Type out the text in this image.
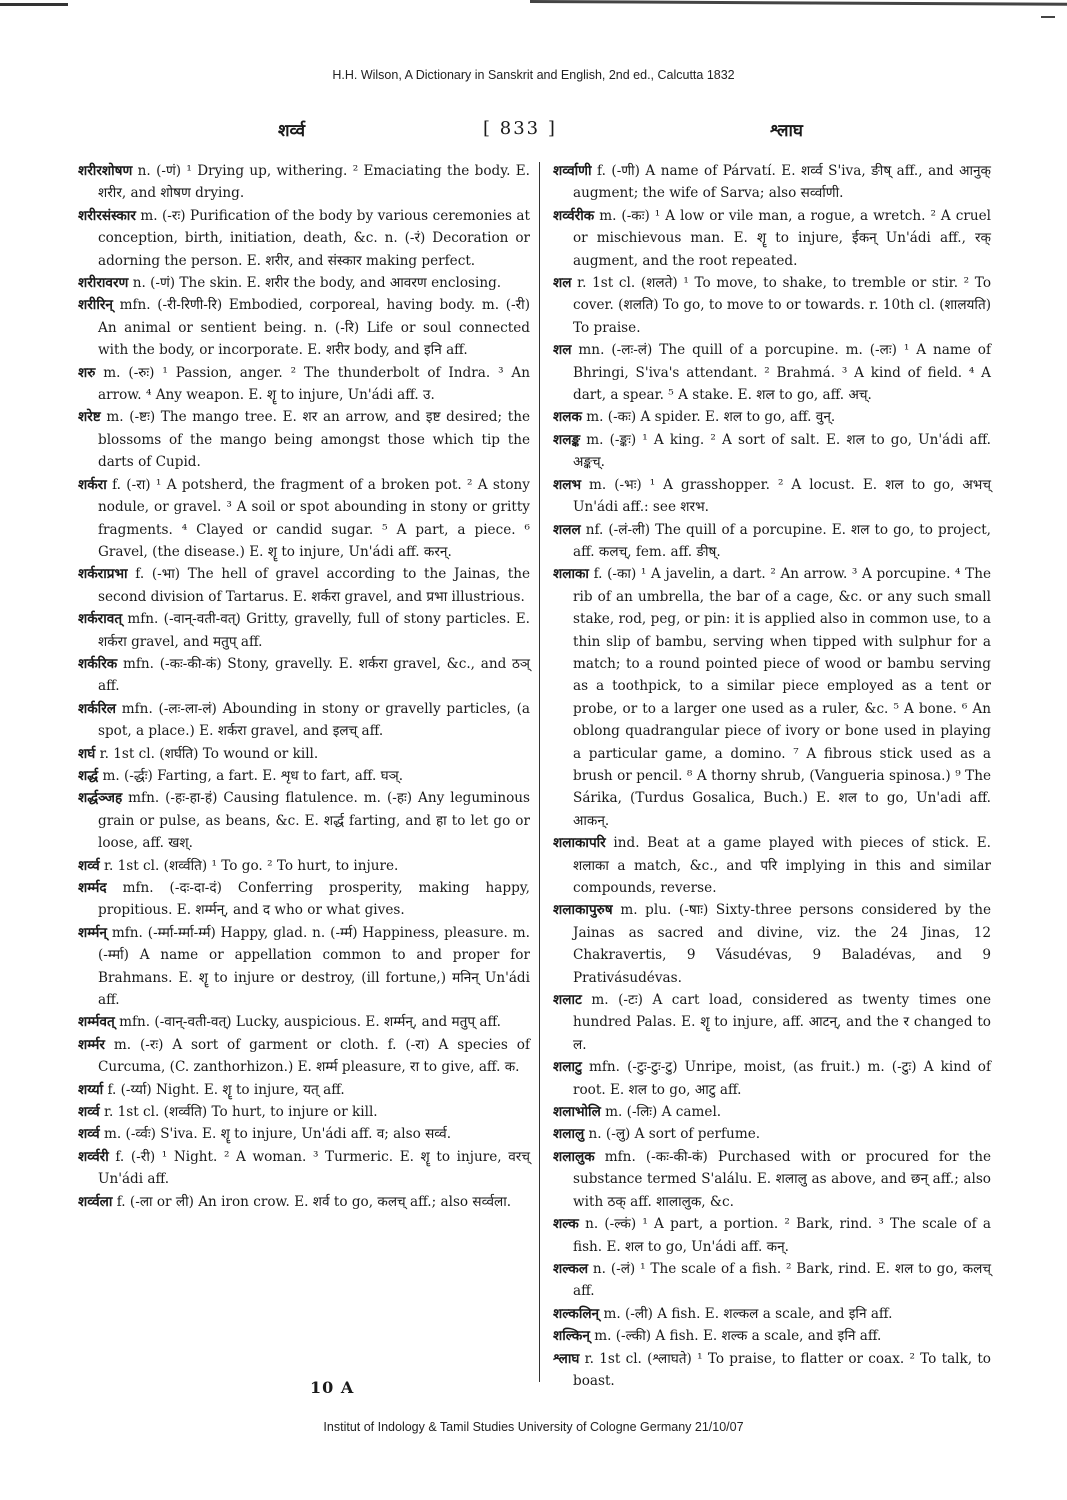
H.H. Wilson, A Dictionary in Sanskrit and English, 2nd ed., Calcutta 1832
शर्व्व	[ 833 ]	श्लाघ

शरीरशोषण n. (-णं) ¹ Drying up, withering. ² Emaciating the body. E. शरीर, and शोषण drying.

शरीरसंस्कार m. (-रः) Purification of the body by various ceremonies at conception, birth, initiation, death, &c. n. (-रं) Decoration or adorning the person. E. शरीर, and संस्कार making perfect.

शरीरावरण n. (-णं) The skin. E. शरीर the body, and आवरण enclosing.

शरीरिन् mfn. (-री-रिणी-रि) Embodied, corporeal, having body. m. (-री) An animal or sentient being. n. (-रि) Life or soul connected with the body, or incorporate. E. शरीर body, and इनि aff.

शरु m. (-रुः) ¹ Passion, anger. ² The thunderbolt of Indra. ³ An arrow. ⁴ Any weapon. E. शॄ to injure, Un'ádi aff. उ.

शरेष्ट m. (-ष्टः) The mango tree. E. शर an arrow, and इष्ट desired; the blossoms of the mango being amongst those which tip the darts of Cupid.

शर्करा f. (-रा) ¹ A potsherd, the fragment of a broken pot. ² A stony nodule, or gravel. ³ A soil or spot abounding in stony or gritty fragments. ⁴ Clayed or candid sugar. ⁵ A part, a piece. ⁶ Gravel, (the disease.) E. शॄ to injure, Un'ádi aff. करन्.

शर्कराप्रभा f. (-भा) The hell of gravel according to the Jainas, the second division of Tartarus. E. शर्करा gravel, and प्रभा illustrious.

शर्करावत् mfn. (-वान्-वती-वत्) Gritty, gravelly, full of stony particles. E. शर्करा gravel, and मतुप् aff.

शर्करिक mfn. (-कः-की-कं) Stony, gravelly. E. शर्करा gravel, &c., and ठञ् aff.

शर्करिल mfn. (-लः-ला-लं) Abounding in stony or gravelly particles, (a spot, a place.) E. शर्करा gravel, and इलच् aff.

शर्घ r. 1st cl. (शर्घति) To wound or kill.

शर्द्ध m. (-र्द्धः) Farting, a fart. E. शृध to fart, aff. घञ्.

शर्द्धञ्जह mfn. (-हः-हा-हं) Causing flatulence. m. (-हः) Any leguminous grain or pulse, as beans, &c. E. शर्द्ध farting, and हा to let go or loose, aff. खश्.

शर्व्व r. 1st cl. (शर्व्वति) ¹ To go. ² To hurt, to injure.

शर्म्मद mfn. (-दः-दा-दं) Conferring prosperity, making happy, propitious. E. शर्म्मन्, and द who or what gives.

शर्म्मन् mfn. (-र्म्मा-र्म्मा-र्म्म) Happy, glad. n. (-र्म्म) Happiness, pleasure. m. (-र्म्मा) A name or appellation common to and proper for Brahmans. E. शॄ to injure or destroy, (ill fortune,) मनिन् Un'ádi aff.

शर्म्मवत् mfn. (-वान्-वती-वत्) Lucky, auspicious. E. शर्म्मन्, and मतुप् aff.

शर्म्मर m. (-रः) A sort of garment or cloth. f. (-रा) A species of Curcuma, (C. zanthorhizon.) E. शर्म्म pleasure, रा to give, aff. क.

शर्य्या f. (-र्य्या) Night. E. शॄ to injure, यत् aff.

शर्व्व r. 1st cl. (शर्व्वति) To hurt, to injure or kill.

शर्व्व m. (-र्व्वः) S'iva. E. शॄ to injure, Un'ádi aff. व; also सर्व्व.

शर्व्वरी f. (-री) ¹ Night. ² A woman. ³ Turmeric. E. शॄ to injure, वरच् Un'ádi aff.

शर्व्वला f. (-ला or ली) An iron crow. E. शर्व to go, कलच् aff.; also सर्व्वला.

शर्व्वाणी f. (-णी) A name of Párvatí. E. शर्व्व S'iva, ङीष् aff., and आनुक् augment; the wife of Sarva; also सर्व्वाणी.

शर्व्वरीक m. (-कः) ¹ A low or vile man, a rogue, a wretch. ² A cruel or mischievous man. E. शॄ to injure, ईकन् Un'ádi aff., रक् augment, and the root repeated.

शल r. 1st cl. (शलते) ¹ To move, to shake, to tremble or stir. ² To cover. (शलति) To go, to move to or towards. r. 10th cl. (शालयति) To praise.

शल mn. (-लः-लं) The quill of a porcupine. m. (-लः) ¹ A name of Bhringi, S'iva's attendant. ² Brahmá. ³ A kind of field. ⁴ A dart, a spear. ⁵ A stake. E. शल to go, aff. अच्.

शलक m. (-कः) A spider. E. शल to go, aff. वुन्.

शलङ्क m. (-ङ्कः) ¹ A king. ² A sort of salt. E. शल to go, Un'ádi aff. अङ्कच्.

शलभ m. (-भः) ¹ A grasshopper. ² A locust. E. शल to go, अभच् Un'ádi aff.: see शरभ.

शलल nf. (-लं-ली) The quill of a porcupine. E. शल to go, to project, aff. कलच्, fem. aff. ङीष्.

शलाका f. (-का) ¹ A javelin, a dart. ² An arrow. ³ A porcupine. ⁴ The rib of an umbrella, the bar of a cage, &c. or any such small stake, rod, peg, or pin: it is applied also in common use, to a thin slip of bambu, serving when tipped with sulphur for a match; to a round pointed piece of wood or bambu serving as a toothpick, to a similar piece employed as a tent or probe, or to a larger one used as a ruler, &c. ⁵ A bone. ⁶ An oblong quadrangular piece of ivory or bone used in playing a particular game, a domino. ⁷ A fibrous stick used as a brush or pencil. ⁸ A thorny shrub, (Vangueria spinosa.) ⁹ The Sárika, (Turdus Gosalica, Buch.) E. शल to go, Un'adi aff. आकन्.

शलाकापरि ind. Beat at a game played with pieces of stick. E. शलाका a match, &c., and परि implying in this and similar compounds, reverse.

शलाकापुरुष m. plu. (-षाः) Sixty-three persons considered by the Jainas as sacred and divine, viz. the 24 Jinas, 12 Chakravertis, 9 Vásudévas, 9 Baladévas, and 9 Prativásudévas.

शलाट m. (-टः) A cart load, considered as twenty times one hundred Palas. E. शॄ to injure, aff. आटन्, and the र changed to ल.

शलाटु mfn. (-टुः-टुः-टु) Unripe, moist, (as fruit.) m. (-टुः) A kind of root. E. शल to go, आटु aff.

शलाभोलि m. (-लिः) A camel.

शलालु n. (-लु) A sort of perfume.

शलालुक mfn. (-कः-की-कं) Purchased with or procured for the substance termed S'alálu. E. शलालु as above, and छन् aff.; also with ठक् aff. शालालुक, &c.

शल्क n. (-ल्कं) ¹ A part, a portion. ² Bark, rind. ³ The scale of a fish. E. शल to go, Un'ádi aff. कन्.

शल्कल n. (-लं) ¹ The scale of a fish. ² Bark, rind. E. शल to go, कलच् aff.

शल्कलिन् m. (-ली) A fish. E. शल्कल a scale, and इनि aff.

शल्किन् m. (-ल्की) A fish. E. शल्क a scale, and इनि aff.

श्लाघ r. 1st cl. (श्लाघते) ¹ To praise, to flatter or coax. ² To talk, to boast.

10 A
Institut of Indology & Tamil Studies University of Cologne Germany 21/10/07
